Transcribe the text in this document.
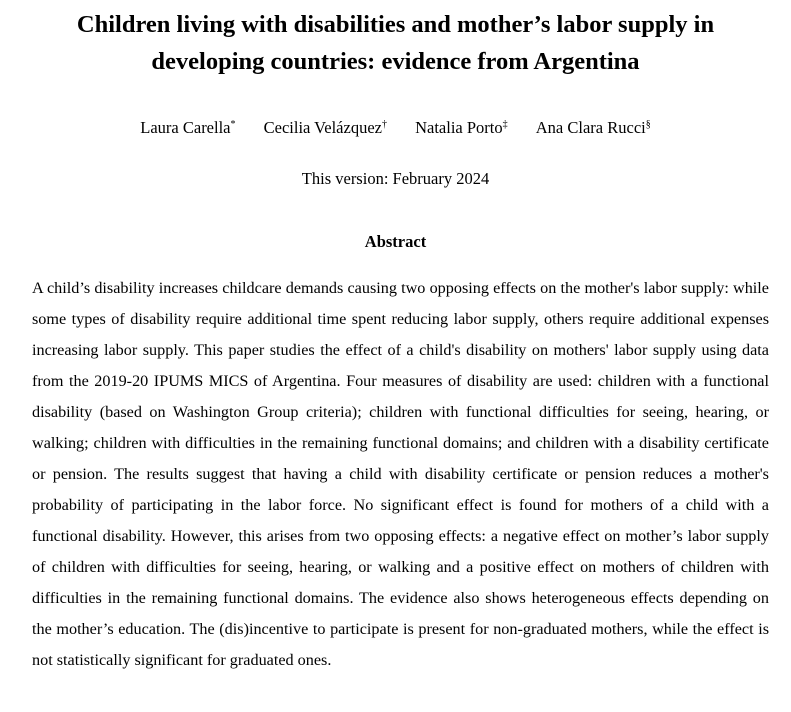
Children living with disabilities and mother’s labor supply in developing countries: evidence from Argentina
Laura Carella* Cecilia Velázquez† Natalia Porto‡ Ana Clara Rucci§
This version: February 2024
Abstract

A child’s disability increases childcare demands causing two opposing effects on the mother's labor supply: while some types of disability require additional time spent reducing labor supply, others require additional expenses increasing labor supply. This paper studies the effect of a child's disability on mothers' labor supply using data from the 2019-20 IPUMS MICS of Argentina. Four measures of disability are used: children with a functional disability (based on Washington Group criteria); children with functional difficulties for seeing, hearing, or walking; children with difficulties in the remaining functional domains; and children with a disability certificate or pension. The results suggest that having a child with disability certificate or pension reduces a mother's probability of participating in the labor force. No significant effect is found for mothers of a child with a functional disability. However, this arises from two opposing effects: a negative effect on mother’s labor supply of children with difficulties for seeing, hearing, or walking and a positive effect on mothers of children with difficulties in the remaining functional domains. The evidence also shows heterogeneous effects depending on the mother’s education. The (dis)incentive to participate is present for non-graduated mothers, while the effect is not statistically significant for graduated ones.
